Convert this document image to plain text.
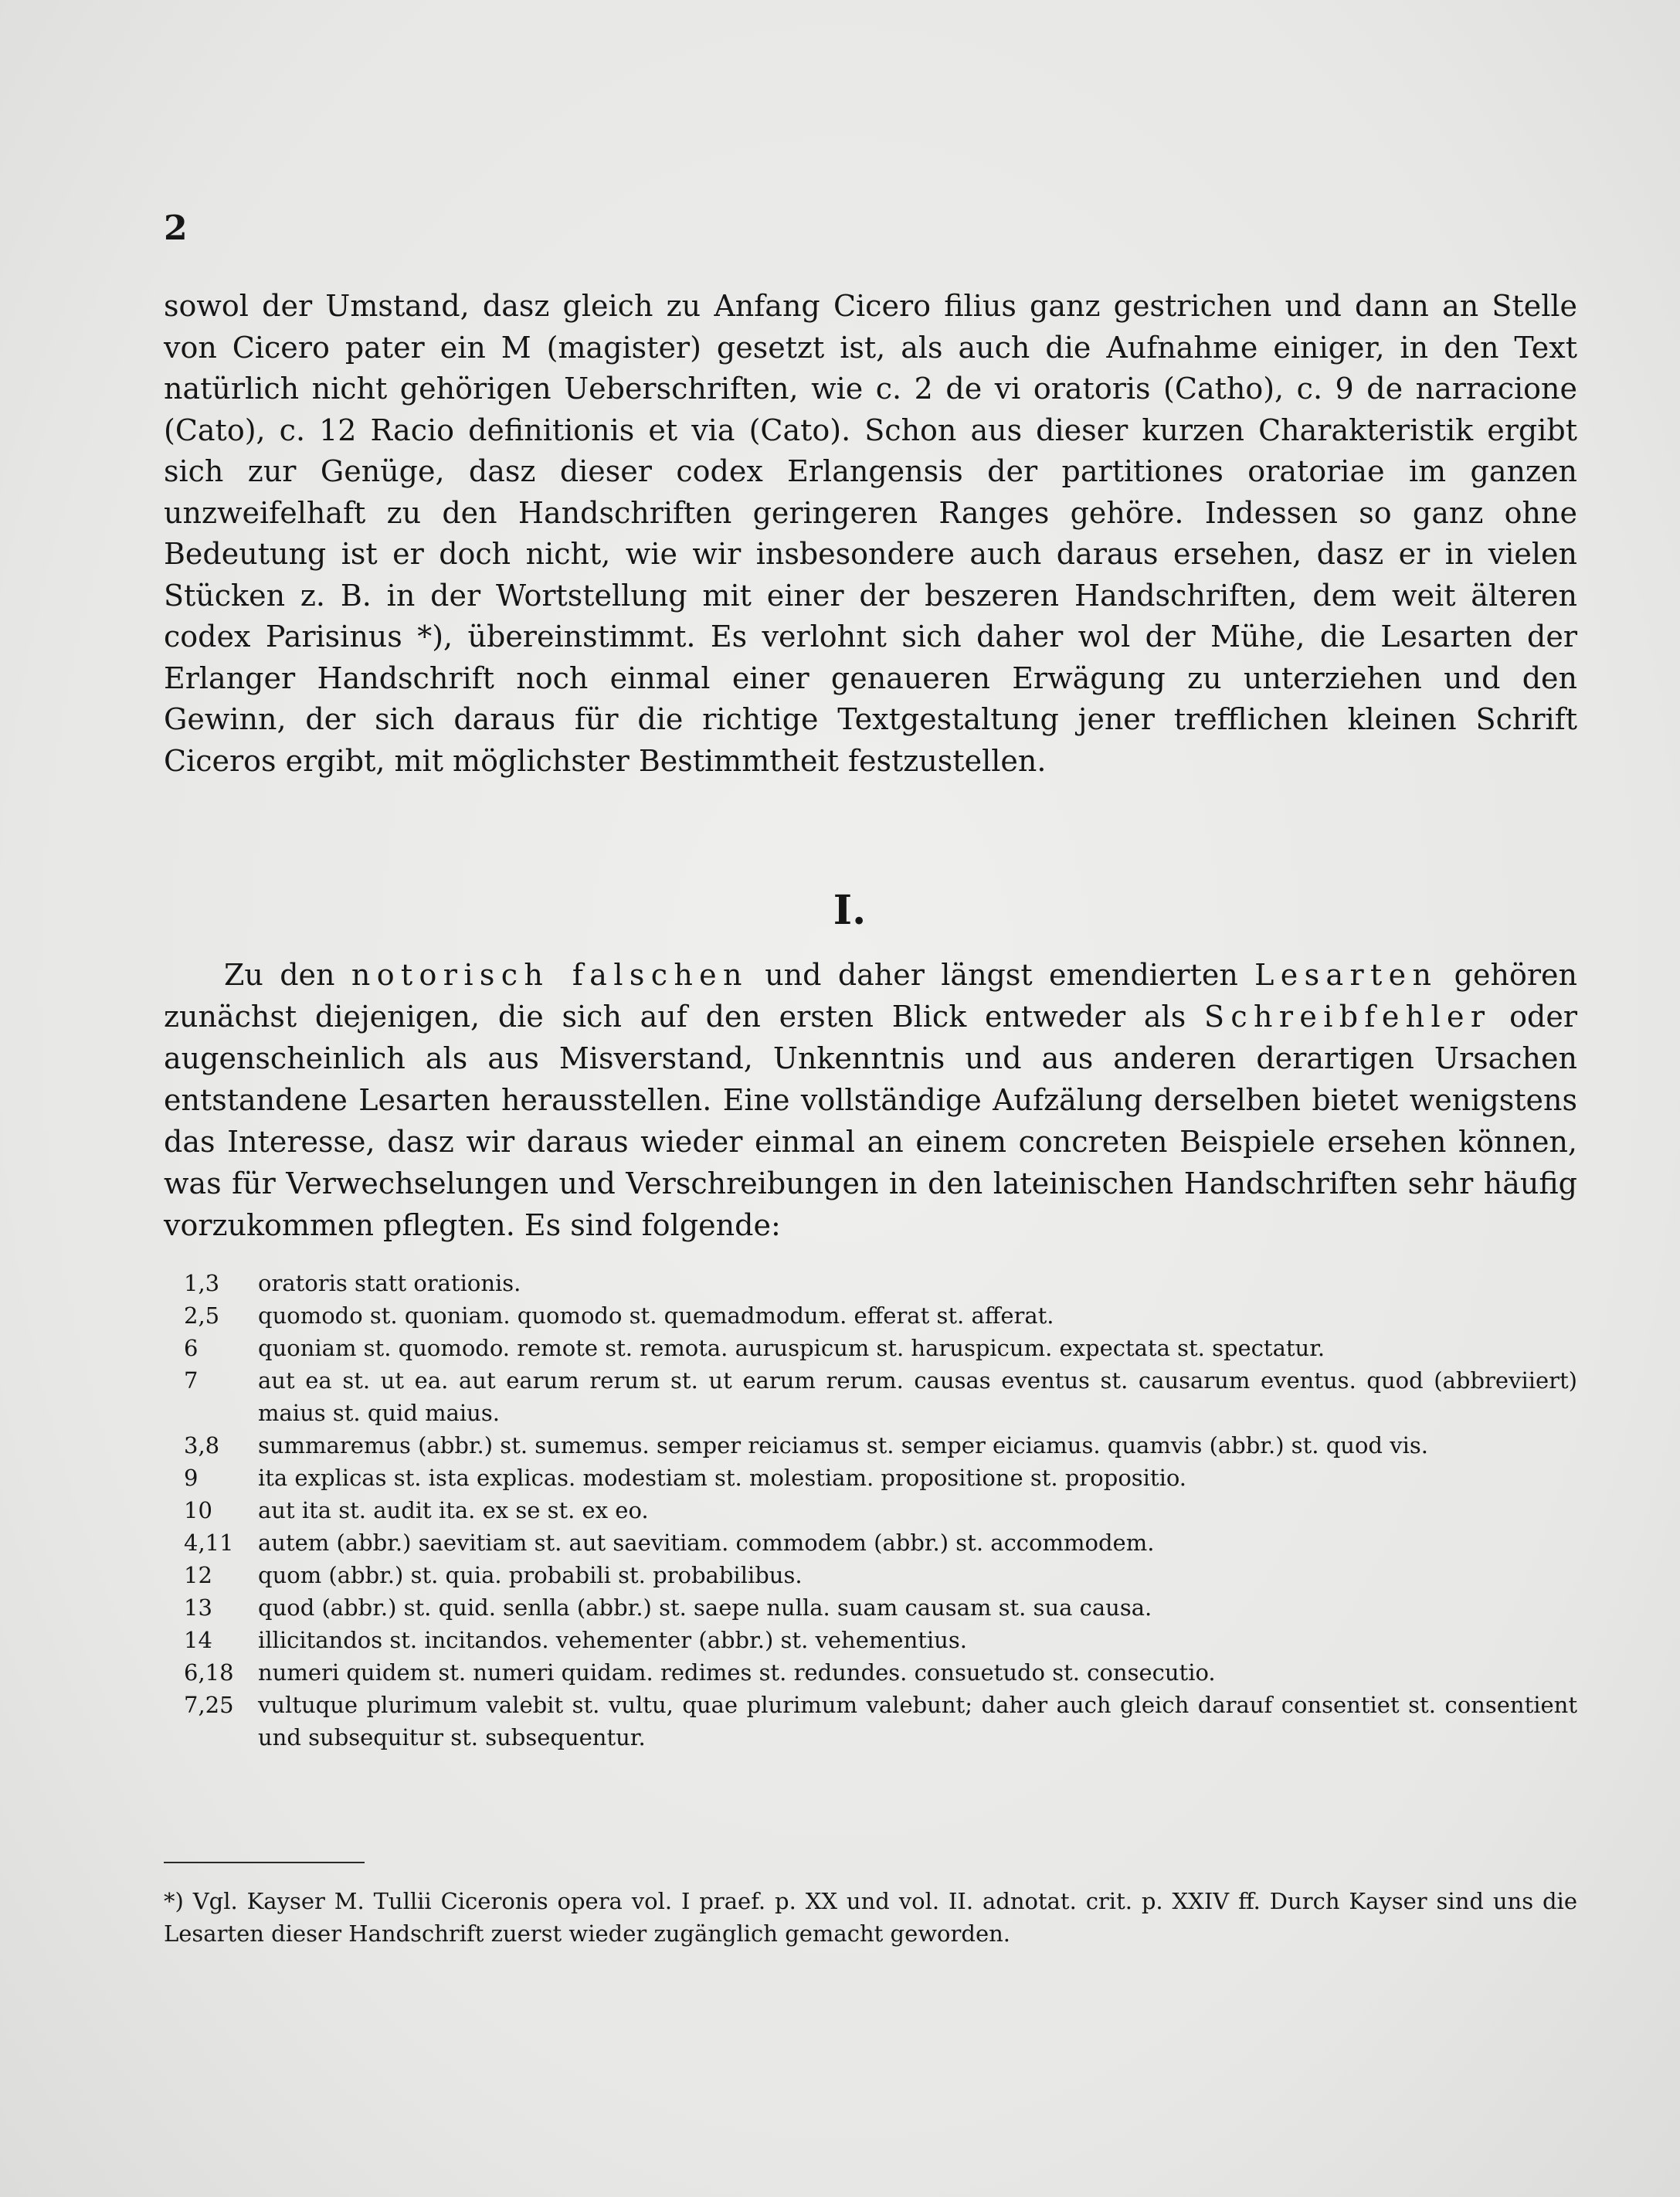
2
sowol der Umstand, dasz gleich zu Anfang Cicero filius ganz gestrichen und dann an Stelle von Cicero pater ein M (magister) gesetzt ist, als auch die Aufnahme einiger, in den Text natürlich nicht gehörigen Ueberschriften, wie c. 2 de vi oratoris (Catho), c. 9 de narracione (Cato), c. 12 Racio definitionis et via (Cato). Schon aus dieser kurzen Charakteristik ergibt sich zur Genüge, dasz dieser codex Erlangensis der partitiones oratoriae im ganzen unzweifelhaft zu den Handschriften geringeren Ranges gehöre. Indessen so ganz ohne Bedeutung ist er doch nicht, wie wir insbesondere auch daraus ersehen, dasz er in vielen Stücken z. B. in der Wortstellung mit einer der beszeren Handschriften, dem weit älteren codex Parisinus *), übereinstimmt. Es verlohnt sich daher wol der Mühe, die Lesarten der Erlanger Handschrift noch einmal einer genaueren Erwägung zu unterziehen und den Gewinn, der sich daraus für die richtige Textgestaltung jener trefflichen kleinen Schrift Ciceros ergibt, mit möglichster Bestimmtheit festzustellen.
I.
Zu den notorisch falschen und daher längst emendierten Lesarten gehören zunächst diejenigen, die sich auf den ersten Blick entweder als Schreibfehler oder augenscheinlich als aus Misverstand, Unkenntnis und aus anderen derartigen Ursachen entstandene Lesarten herausstellen. Eine vollständige Aufzälung derselben bietet wenigstens das Interesse, dasz wir daraus wieder einmal an einem concreten Beispiele ersehen können, was für Verwechselungen und Verschreibungen in den lateinischen Handschriften sehr häufig vorzukommen pflegten. Es sind folgende:
1,3	oratoris statt orationis.
2,5	quomodo st. quoniam. quomodo st. quemadmodum. efferat st. afferat.
6	quoniam st. quomodo. remote st. remota. auruspicum st. haruspicum. expectata st. spectatur.
7	aut ea st. ut ea. aut earum rerum st. ut earum rerum. causas eventus st. causarum eventus. quod (abbreviiert) maius st. quid maius.
3,8	summaremus (abbr.) st. sumemus. semper reiciamus st. semper eiciamus. quamvis (abbr.) st. quod vis.
9	ita explicas st. ista explicas. modestiam st. molestiam. propositione st. propositio.
10	aut ita st. audit ita. ex se st. ex eo.
4,11	autem (abbr.) saevitiam st. aut saevitiam. commodem (abbr.) st. accommodem.
12	quom (abbr.) st. quia. probabili st. probabilibus.
13	quod (abbr.) st. quid. senlla (abbr.) st. saepe nulla. suam causam st. sua causa.
14	illicitandos st. incitandos. vehementer (abbr.) st. vehementius.
6,18	numeri quidem st. numeri quidam. redimes st. redundes. consuetudo st. consecutio.
7,25	vultuque plurimum valebit st. vultu, quae plurimum valebunt; daher auch gleich darauf consentiet st. consentient und subsequitur st. subsequentur.
*) Vgl. Kayser M. Tullii Ciceronis opera vol. I praef. p. XX und vol. II. adnotat. crit. p. XXIV ff. Durch Kayser sind uns die Lesarten dieser Handschrift zuerst wieder zugänglich gemacht geworden.
